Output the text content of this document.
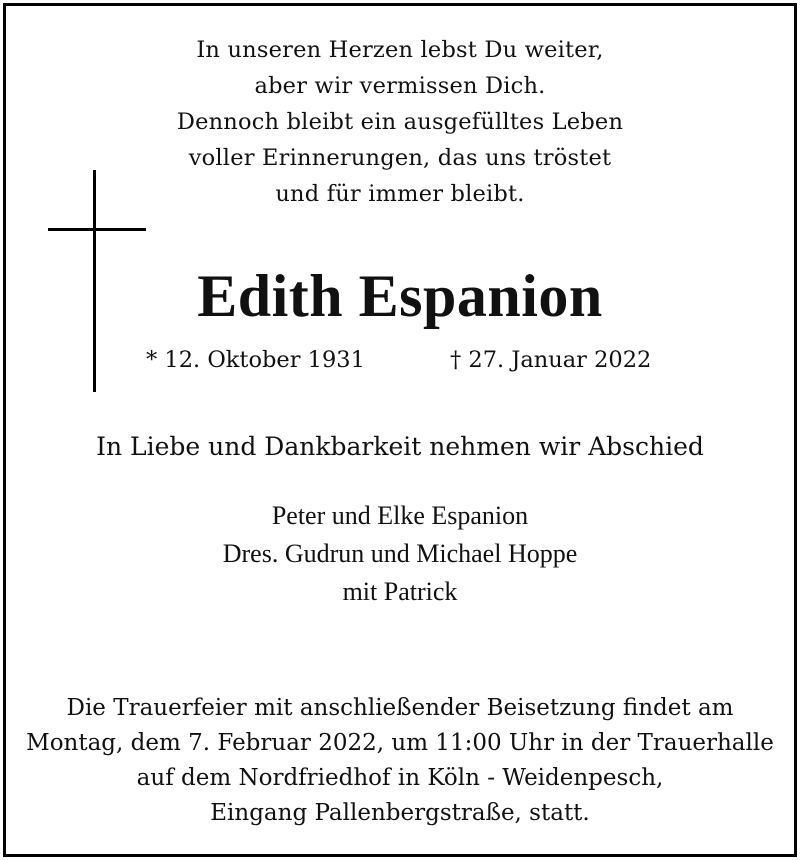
In unseren Herzen lebst Du weiter,
aber wir vermissen Dich.
Dennoch bleibt ein ausgefülltes Leben
voller Erinnerungen, das uns tröstet
und für immer bleibt.
Edith Espanion
* 12. Oktober 1931	† 27. Januar 2022
In Liebe und Dankbarkeit nehmen wir Abschied
Peter und Elke Espanion
Dres. Gudrun und Michael Hoppe
mit Patrick
Die Trauerfeier mit anschließender Beisetzung findet am
Montag, dem 7. Februar 2022, um 11:00 Uhr in der Trauerhalle
auf dem Nordfriedhof in Köln - Weidenpesch,
Eingang Pallenbergstraße, statt.
